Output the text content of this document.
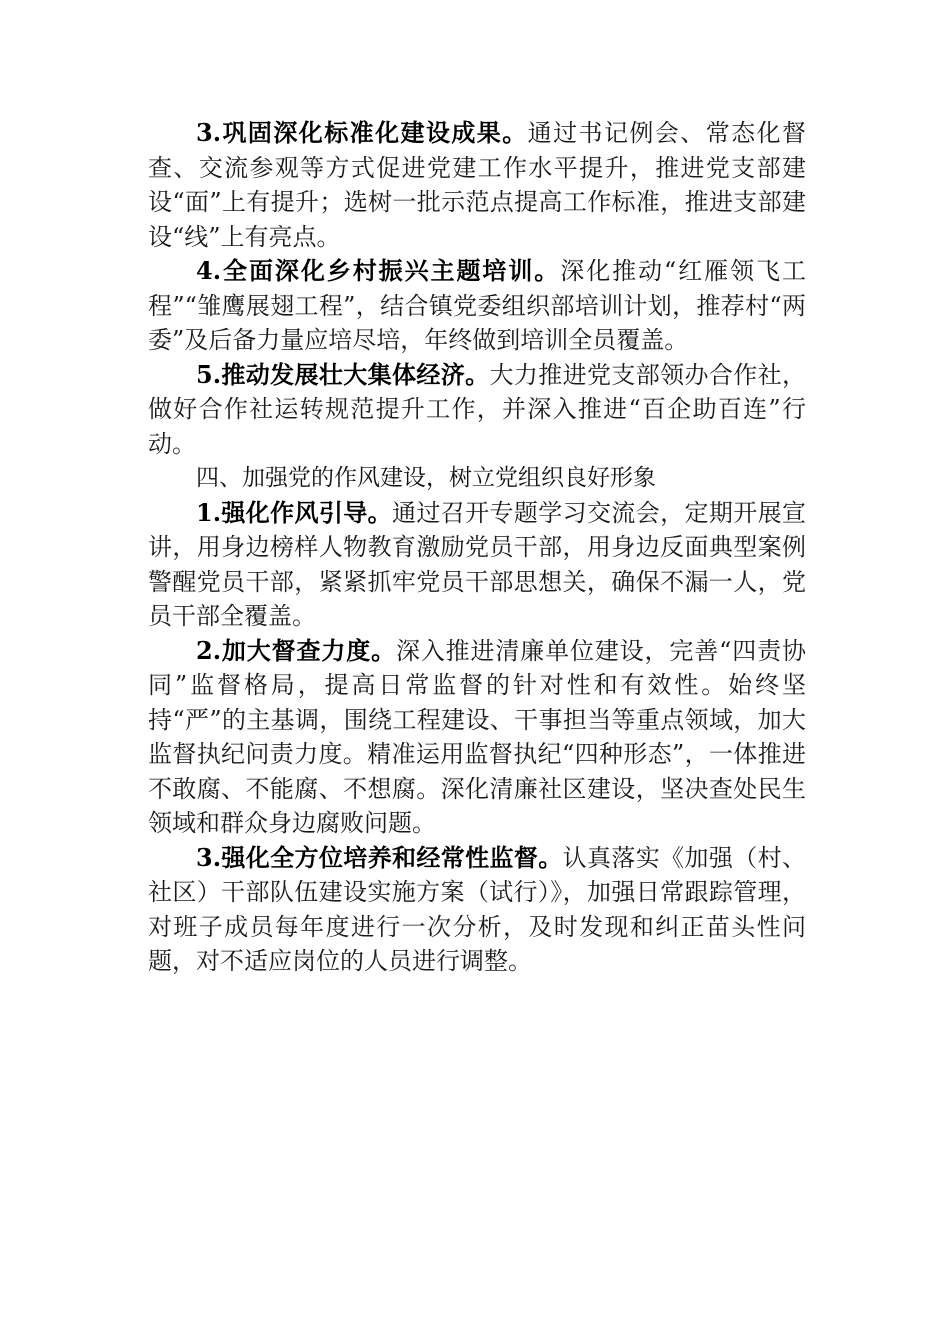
3.巩固深化标准化建设成果。通过书记例会、常态化督查、交流参观等方式促进党建工作水平提升，推进党支部建设“面”上有提升；选树一批示范点提高工作标准，推进支部建设“线”上有亮点。

4.全面深化乡村振兴主题培训。深化推动“红雁领飞工程”“雏鹰展翅工程”，结合镇党委组织部培训计划，推荐村“两委”及后备力量应培尽培，年终做到培训全员覆盖。

5.推动发展壮大集体经济。大力推进党支部领办合作社，做好合作社运转规范提升工作，并深入推进“百企助百连”行动。

四、加强党的作风建设，树立党组织良好形象

1.强化作风引导。通过召开专题学习交流会，定期开展宣讲，用身边榜样人物教育激励党员干部，用身边反面典型案例警醒党员干部，紧紧抓牢党员干部思想关，确保不漏一人，党员干部全覆盖。

2.加大督查力度。深入推进清廉单位建设，完善“四责协同”监督格局，提高日常监督的针对性和有效性。始终坚持“严”的主基调，围绕工程建设、干事担当等重点领域，加大监督执纪问责力度。精准运用监督执纪“四种形态”，一体推进不敢腐、不能腐、不想腐。深化清廉社区建设，坚决查处民生领域和群众身边腐败问题。

3.强化全方位培养和经常性监督。认真落实《加强（村、社区）干部队伍建设实施方案（试行）》，加强日常跟踪管理，对班子成员每年度进行一次分析，及时发现和纠正苗头性问题，对不适应岗位的人员进行调整。
